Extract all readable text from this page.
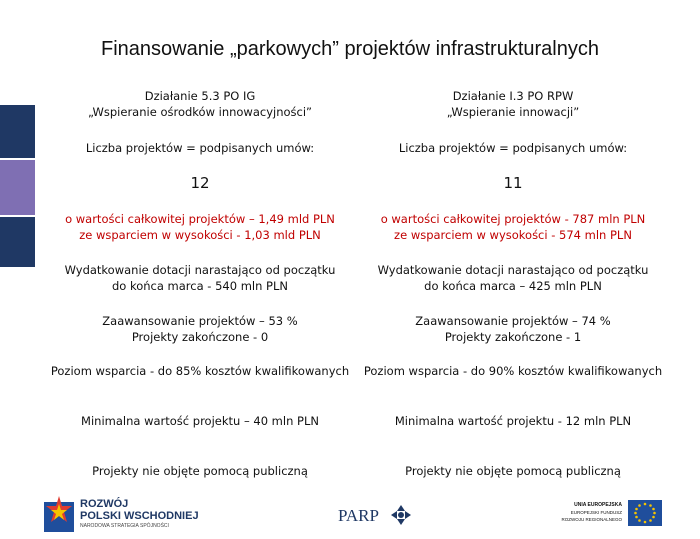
Finansowanie „parkowych” projektów infrastrukturalnych
Działanie 5.3 PO IG
„Wspieranie ośrodków innowacyjności”
Liczba projektów = podpisanych umów:
12
o wartości całkowitej projektów – 1,49 mld PLN
ze wsparciem w wysokości - 1,03 mld PLN
Wydatkowanie dotacji narastająco od początku
do końca marca - 540 mln PLN
Zaawansowanie projektów – 53 %
Projekty zakończone - 0
Poziom wsparcia - do 85% kosztów kwalifikowanych
Minimalna wartość projektu – 40 mln PLN
Projekty nie objęte pomocą publiczną
Działanie I.3 PO RPW
„Wspieranie innowacji”
Liczba projektów = podpisanych umów:
11
o wartości całkowitej projektów - 787 mln PLN
ze wsparciem w wysokości - 574 mln PLN
Wydatkowanie dotacji narastająco od początku
do końca marca – 425 mln PLN
Zaawansowanie projektów – 74 %
Projekty zakończone - 1
Poziom wsparcia - do 90% kosztów kwalifikowanych
Minimalna wartość projektu - 12 mln PLN
Projekty nie objęte pomocą publiczną
ROZWÓJ
POLSKI WSCHODNIEJ
NARODOWA STRATEGIA SPÓJNOŚCI
PARP
UNIA EUROPEJSKA
EUROPEJSKI FUNDUSZ
ROZWOJU REGIONALNEGO
